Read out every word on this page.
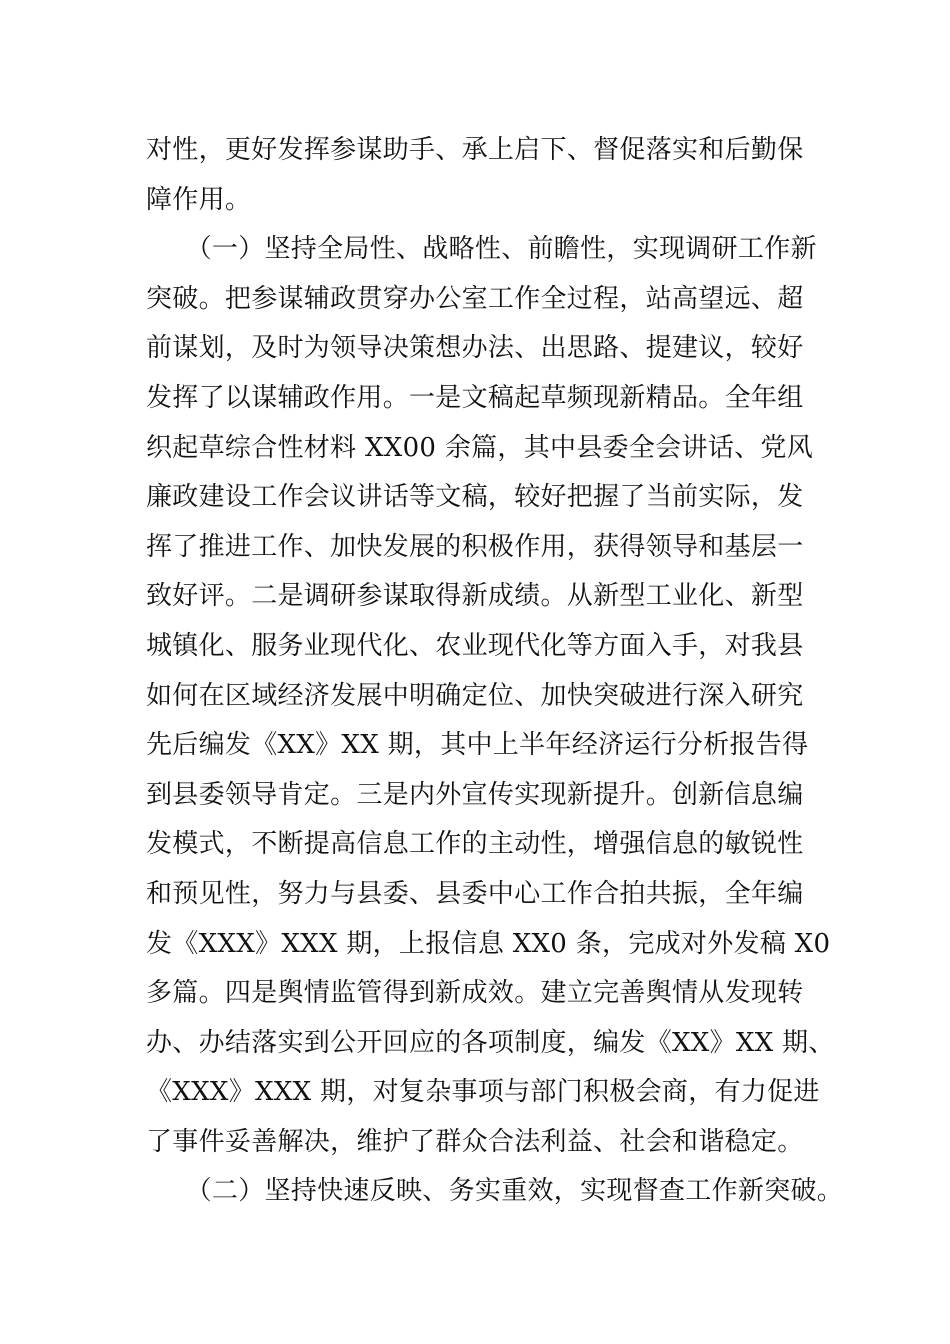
对性，更好发挥参谋助手、承上启下、督促落实和后勤保
障作用。
　　（一）坚持全局性、战略性、前瞻性，实现调研工作新
突破。把参谋辅政贯穿办公室工作全过程，站高望远、超
前谋划，及时为领导决策想办法、出思路、提建议，较好
发挥了以谋辅政作用。一是文稿起草频现新精品。全年组
织起草综合性材料 XX00 余篇，其中县委全会讲话、党风
廉政建设工作会议讲话等文稿，较好把握了当前实际，发
挥了推进工作、加快发展的积极作用，获得领导和基层一
致好评。二是调研参谋取得新成绩。从新型工业化、新型
城镇化、服务业现代化、农业现代化等方面入手，对我县
如何在区域经济发展中明确定位、加快突破进行深入研究
先后编发《XX》XX 期，其中上半年经济运行分析报告得
到县委领导肯定。三是内外宣传实现新提升。创新信息编
发模式，不断提高信息工作的主动性，增强信息的敏锐性
和预见性，努力与县委、县委中心工作合拍共振，全年编
发《XXX》XXX 期，上报信息 XX0 条，完成对外发稿 X0
多篇。四是舆情监管得到新成效。建立完善舆情从发现转
办、办结落实到公开回应的各项制度，编发《XX》XX 期、
《XXX》XXX 期，对复杂事项与部门积极会商，有力促进
了事件妥善解决，维护了群众合法利益、社会和谐稳定。
　　（二）坚持快速反映、务实重效，实现督查工作新突破。
